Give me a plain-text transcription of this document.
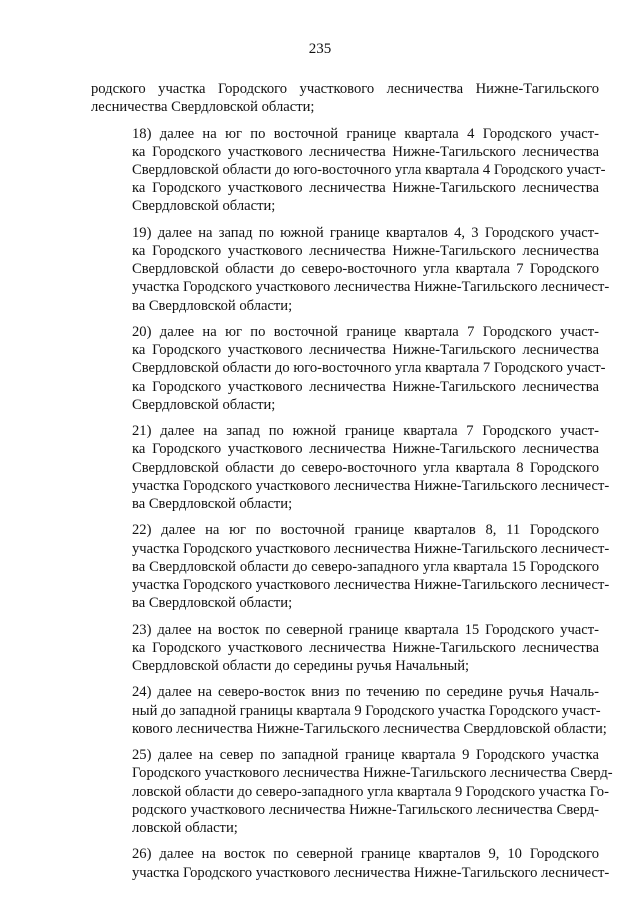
235
родского участка Городского участкового лесничества Нижне-Тагильского
лесничества Свердловской области;
18) далее на юг по восточной границе квартала 4 Городского участ-
ка Городского участкового лесничества Нижне-Тагильского лесничества
Свердловской области до юго-восточного угла квартала 4 Городского участ-
ка Городского участкового лесничества Нижне-Тагильского лесничества
Свердловской области;
19) далее на запад по южной границе кварталов 4, 3 Городского участ-
ка Городского участкового лесничества Нижне-Тагильского лесничества
Свердловской области до северо-восточного угла квартала 7 Городского
участка Городского участкового лесничества Нижне-Тагильского лесничест-
ва Свердловской области;
20) далее на юг по восточной границе квартала 7 Городского участ-
ка Городского участкового лесничества Нижне-Тагильского лесничества
Свердловской области до юго-восточного угла квартала 7 Городского участ-
ка Городского участкового лесничества Нижне-Тагильского лесничества
Свердловской области;
21) далее на запад по южной границе квартала 7 Городского участ-
ка Городского участкового лесничества Нижне-Тагильского лесничества
Свердловской области до северо-восточного угла квартала 8 Городского
участка Городского участкового лесничества Нижне-Тагильского лесничест-
ва Свердловской области;
22) далее на юг по восточной границе кварталов 8, 11 Городского
участка Городского участкового лесничества Нижне-Тагильского лесничест-
ва Свердловской области до северо-западного угла квартала 15 Городского
участка Городского участкового лесничества Нижне-Тагильского лесничест-
ва Свердловской области;
23) далее на восток по северной границе квартала 15 Городского участ-
ка Городского участкового лесничества Нижне-Тагильского лесничества
Свердловской области до середины ручья Начальный;
24) далее на северо-восток вниз по течению по середине ручья Началь-
ный до западной границы квартала 9 Городского участка Городского участ-
кового лесничества Нижне-Тагильского лесничества Свердловской области;
25) далее на север по западной границе квартала 9 Городского участка
Городского участкового лесничества Нижне-Тагильского лесничества Сверд-
ловской области до северо-западного угла квартала 9 Городского участка Го-
родского участкового лесничества Нижне-Тагильского лесничества Сверд-
ловской области;
26) далее на восток по северной границе кварталов 9, 10 Городского
участка Городского участкового лесничества Нижне-Тагильского лесничест-
